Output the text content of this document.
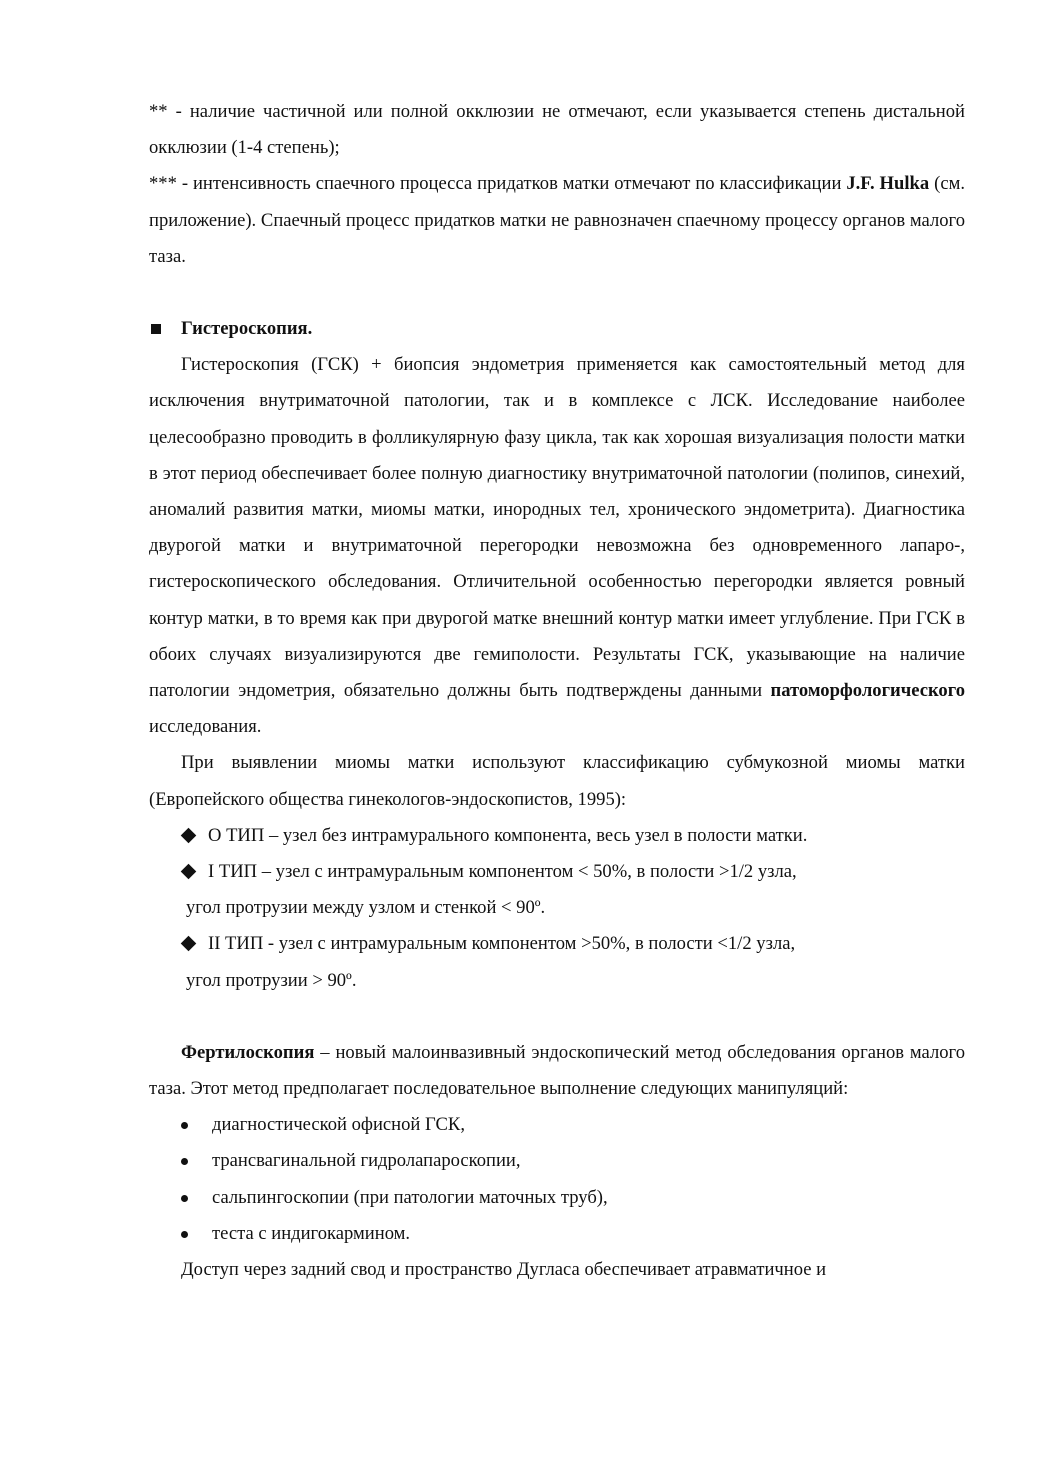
** - наличие частичной или полной окклюзии не отмечают, если указывается степень дистальной окклюзии (1-4 степень);

*** - интенсивность спаечного процесса придатков матки отмечают по классификации J.F. Hulka (см. приложение). Спаечный процесс придатков матки не равнозначен спаечному процессу органов малого таза.

Гистероскопия.

Гистероскопия (ГСК) + биопсия эндометрия применяется как самостоятельный метод для исключения внутриматочной патологии, так и в комплексе с ЛСК. Исследование наиболее целесообразно проводить в фолликулярную фазу цикла, так как хорошая визуализация полости матки в этот период обеспечивает более полную диагностику внутриматочной патологии (полипов, синехий, аномалий развития матки, миомы матки, инородных тел, хронического эндометрита). Диагностика двурогой матки и внутриматочной перегородки невозможна без одновременного лапаро-, гистероскопического обследования. Отличительной особенностью перегородки является ровный контур матки, в то время как при двурогой матке внешний контур матки имеет углубление. При ГСК в обоих случаях визуализируются две гемиполости. Результаты ГСК, указывающие на наличие патологии эндометрия, обязательно должны быть подтверждены данными патоморфологического исследования.

При выявлении миомы матки используют классификацию субмукозной миомы матки (Европейского общества гинекологов-эндоскопистов, 1995):

О ТИП – узел без интрамурального компонента, весь узел в полости матки.
I ТИП – узел с интрамуральным компонентом < 50%, в полости >1/2 узла,
угол протрузии между узлом и стенкой < 90º.
II ТИП - узел с интрамуральным компонентом >50%, в полости <1/2 узла,
угол протрузии > 90º.

Фертилоскопия – новый малоинвазивный эндоскопический метод обследования органов малого таза. Этот метод предполагает последовательное выполнение следующих манипуляций:

диагностической офисной ГСК,
трансвагинальной гидролапароскопии,
сальпингоскопии (при патологии маточных труб),
теста с индигокармином.

Доступ через задний свод и пространство Дугласа обеспечивает атравматичное и
